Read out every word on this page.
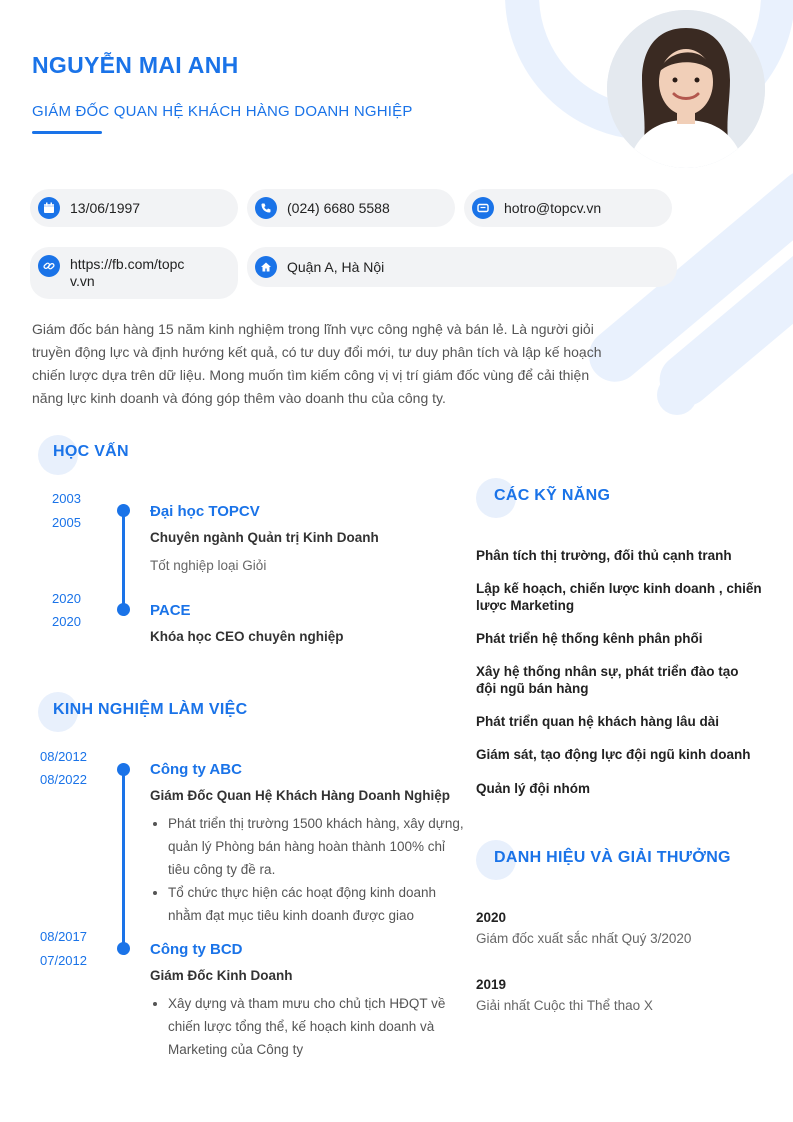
NGUYỄN MAI ANH
GIÁM ĐỐC QUAN HỆ KHÁCH HÀNG DOANH NGHIỆP
13/06/1997	(024) 6680 5588	hotro@topcv.vn
https://fb.com/topc
v.vn
Quận A, Hà Nội
Giám đốc bán hàng 15 năm kinh nghiệm trong lĩnh vực công nghệ và bán lẻ. Là người giỏi truyền động lực và định hướng kết quả, có tư duy đổi mới, tư duy phân tích và lập kế hoạch chiến lược dựa trên dữ liệu. Mong muốn tìm kiếm công vị vị trí giám đốc vùng để cải thiện năng lực kinh doanh và đóng góp thêm vào doanh thu của công ty.
HỌC VẤN
2003
2005
Đại học TOPCV
Chuyên ngành Quản trị Kinh Doanh
Tốt nghiệp loại Giỏi
2020
2020
PACE
Khóa học CEO chuyên nghiệp
KINH NGHIỆM LÀM VIỆC
08/2012
08/2022
Công ty ABC
Giám Đốc Quan Hệ Khách Hàng Doanh Nghiệp
• Phát triển thị trường 1500 khách hàng, xây dựng, quản lý Phòng bán hàng hoàn thành 100% chỉ tiêu công ty đề ra.
• Tổ chức thực hiện các hoạt động kinh doanh nhằm đạt mục tiêu kinh doanh được giao
08/2017
07/2012
Công ty BCD
Giám Đốc Kinh Doanh
• Xây dựng và tham mưu cho chủ tịch HĐQT về chiến lược tổng thể, kế hoạch kinh doanh và Marketing của Công ty
CÁC KỸ NĂNG
Phân tích thị trường, đối thủ cạnh tranh
Lập kế hoạch, chiến lược kinh doanh , chiến lược Marketing
Phát triển hệ thống kênh phân phối
Xây hệ thống nhân sự, phát triển đào tạo đội ngũ bán hàng
Phát triển quan hệ khách hàng lâu dài
Giám sát, tạo động lực đội ngũ kinh doanh
Quản lý đội nhóm
DANH HIỆU VÀ GIẢI THƯỞNG
2020
Giám đốc xuất sắc nhất Quý 3/2020
2019
Giải nhất Cuộc thi Thể thao X
